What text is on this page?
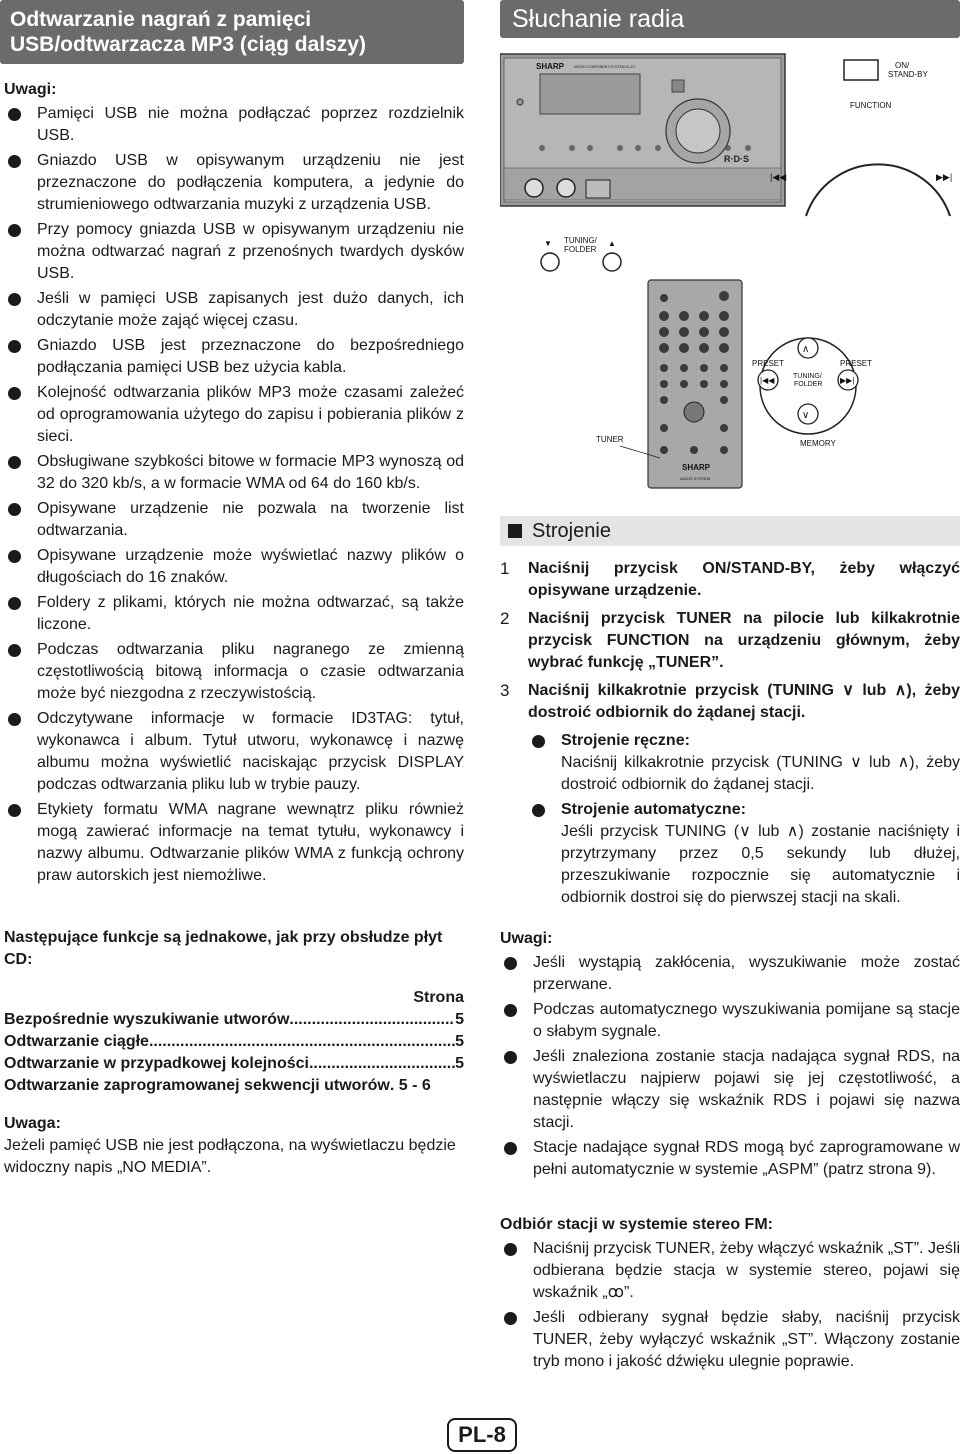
Odtwarzanie nagrań z pamięci USB/odtwarzacza MP3 (ciąg dalszy)
Uwagi:
Pamięci USB nie można podłączać poprzez rozdzielnik USB.
Gniazdo USB w opisywanym urządzeniu nie jest przeznaczone do podłączenia komputera, a jedynie do strumieniowego odtwarzania muzyki z urządzenia USB.
Przy pomocy gniazda USB w opisywanym urządzeniu nie można odtwarzać nagrań z przenośnych twardych dysków USB.
Jeśli w pamięci USB zapisanych jest dużo danych, ich odczytanie może zająć więcej czasu.
Gniazdo USB jest przeznaczone do bezpośredniego podłączania pamięci USB bez użycia kabla.
Kolejność odtwarzania plików MP3 może czasami zależeć od oprogramowania użytego do zapisu i pobierania plików z sieci.
Obsługiwane szybkości bitowe w formacie MP3 wynoszą od 32 do 320 kb/s, a w formacie WMA od 64 do 160 kb/s.
Opisywane urządzenie nie pozwala na tworzenie list odtwarzania.
Opisywane urządzenie może wyświetlać nazwy plików o długościach do 16 znaków.
Foldery z plikami, których nie można odtwarzać, są także liczone.
Podczas odtwarzania pliku nagranego ze zmienną częstotliwością bitową informacja o czasie odtwarzania może być niezgodna z rzeczywistością.
Odczytywane informacje w formacie ID3TAG: tytuł, wykonawca i album. Tytuł utworu, wykonawcę i nazwę albumu można wyświetlić naciskając przycisk DISPLAY podczas odtwarzania pliku lub w trybie pauzy.
Etykiety formatu WMA nagrane wewnątrz pliku również mogą zawierać informacje na temat tytułu, wykonawcy i nazwy albumu. Odtwarzanie plików WMA z funkcją ochrony praw autorskich jest niemożliwe.
Następujące funkcje są jednakowe, jak przy obsłudze płyt CD:
Strona
Bezpośrednie wyszukiwanie utworów .....	5
Odtwarzanie ciągłe .....	5
Odtwarzanie w przypadkowej kolejności .....	5
Odtwarzanie zaprogramowanej sekwencji utworów . 5 - 6
Uwaga:
Jeżeli pamięć USB nie jest podłączona, na wyświetlaczu będzie widoczny napis „NO MEDIA”.
Słuchanie radia
SHARP	MICRO COMPONENT SYSTEM XL-E1
R·D·S
ON/ STAND-BY
FUNCTION
|◀◀	▶▶|
▼ TUNING/ FOLDER
▲
SHARP
AUDIO SYSTEM
TUNER
∧
∨
|◀◀	▶▶|
PRESET	PRESET
TUNING/ FOLDER
MEMORY
Strojenie
1 Naciśnij przycisk ON/STAND-BY, żeby włączyć opisywane urządzenie.
2 Naciśnij przycisk TUNER na pilocie lub kilkakrotnie przycisk FUNCTION na urządzeniu głównym, żeby wybrać funkcję „TUNER”.
3 Naciśnij kilkakrotnie przycisk (TUNING ∨ lub ∧), żeby dostroić odbiornik do żądanej stacji.
Strojenie ręczne:
Naciśnij kilkakrotnie przycisk (TUNING ∨ lub ∧), żeby dostroić odbiornik do żądanej stacji.
Strojenie automatyczne:
Jeśli przycisk TUNING (∨ lub ∧) zostanie naciśnięty i przytrzymany przez 0,5 sekundy lub dłużej, przeszukiwanie rozpocznie się automatycznie i odbiornik dostroi się do pierwszej stacji na skali.
Uwagi:
Jeśli wystąpią zakłócenia, wyszukiwanie może zostać przerwane.
Podczas automatycznego wyszukiwania pomijane są stacje o słabym sygnale.
Jeśli znaleziona zostanie stacja nadająca sygnał RDS, na wyświetlaczu najpierw pojawi się jej częstotliwość, a następnie włączy się wskaźnik RDS i pojawi się nazwa stacji.
Stacje nadające sygnał RDS mogą być zaprogramowane w pełni automatycznie w systemie „ASPM” (patrz strona 9).
Odbiór stacji w systemie stereo FM:
Naciśnij przycisk TUNER, żeby włączyć wskaźnik „ST”. Jeśli odbierana będzie stacja w systemie stereo, pojawi się wskaźnik „ꝏ”.
Jeśli odbierany sygnał będzie słaby, naciśnij przycisk TUNER, żeby wyłączyć wskaźnik „ST”. Włączony zostanie tryb mono i jakość dźwięku ulegnie poprawie.
PL-8
